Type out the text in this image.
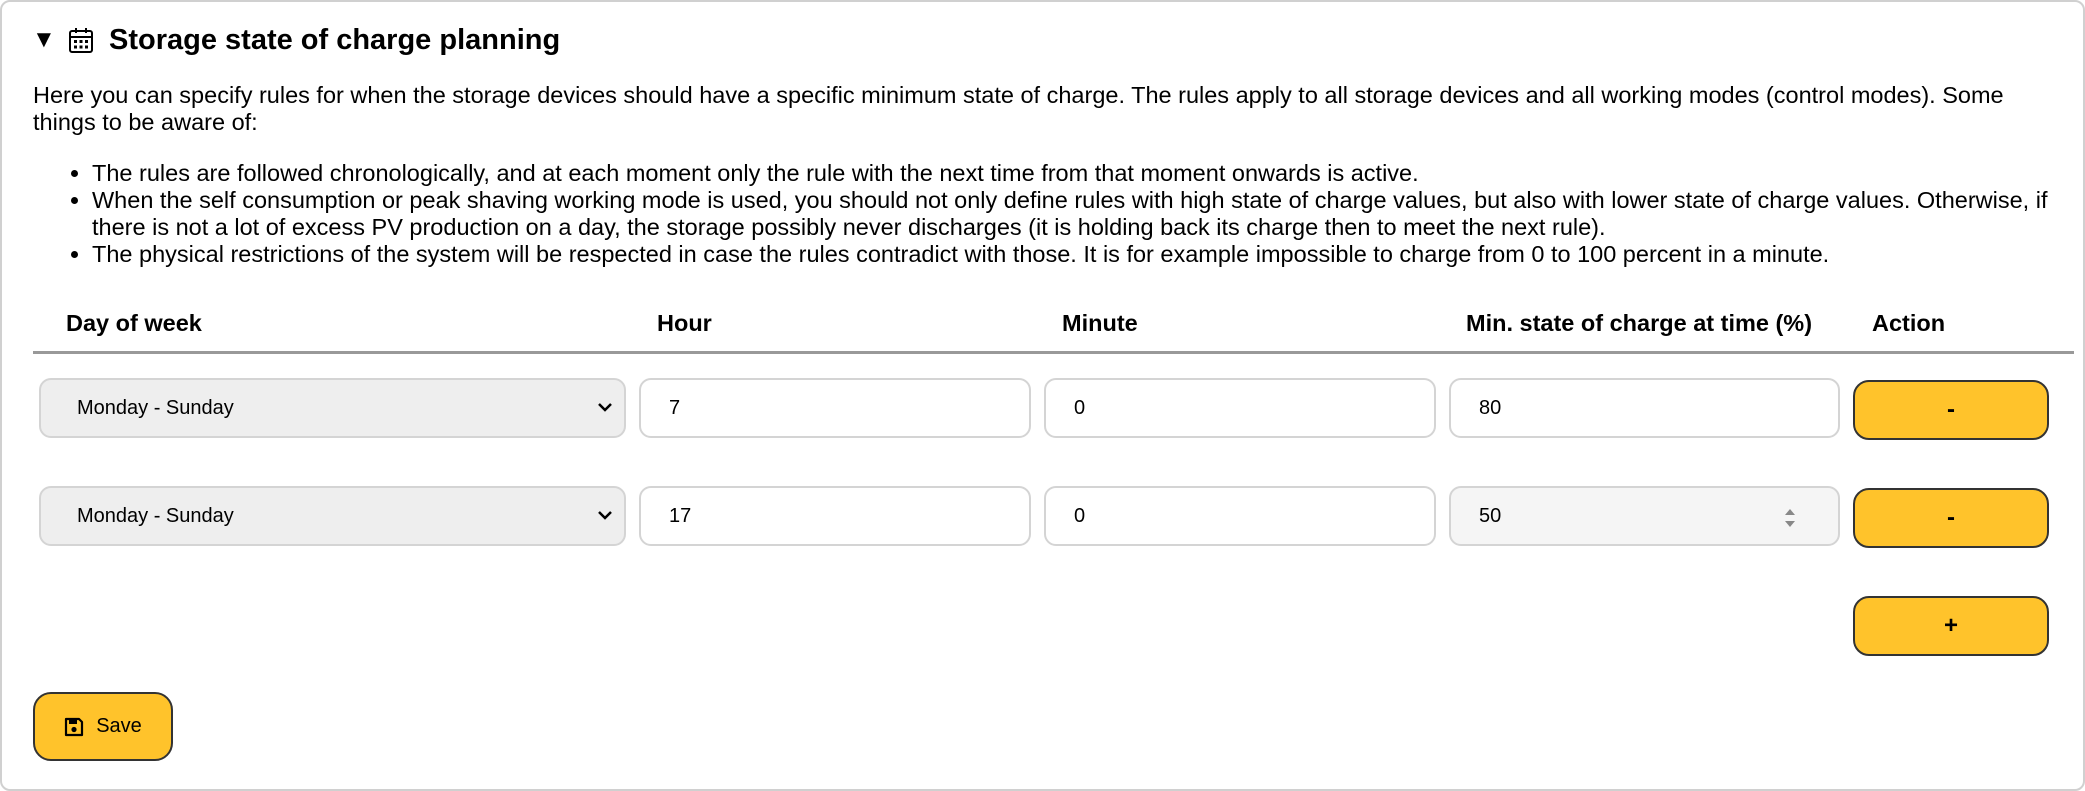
▼ Storage state of charge planning

Here you can specify rules for when the storage devices should have a specific minimum state of charge. The rules apply to all storage devices and all working modes (control modes). Some things to be aware of:

• The rules are followed chronologically, and at each moment only the rule with the next time from that moment onwards is active.
• When the self consumption or peak shaving working mode is used, you should not only define rules with high state of charge values, but also with lower state of charge values. Otherwise, if there is not a lot of excess PV production on a day, the storage possibly never discharges (it is holding back its charge then to meet the next rule).
• The physical restrictions of the system will be respected in case the rules contradict with those. It is for example impossible to charge from 0 to 100 percent in a minute.
Day of week	Hour	Minute	Min. state of charge at time (%)	Action
Monday - Sunday	7	0	80	-
Monday - Sunday	17	0	50	-
+
Save
